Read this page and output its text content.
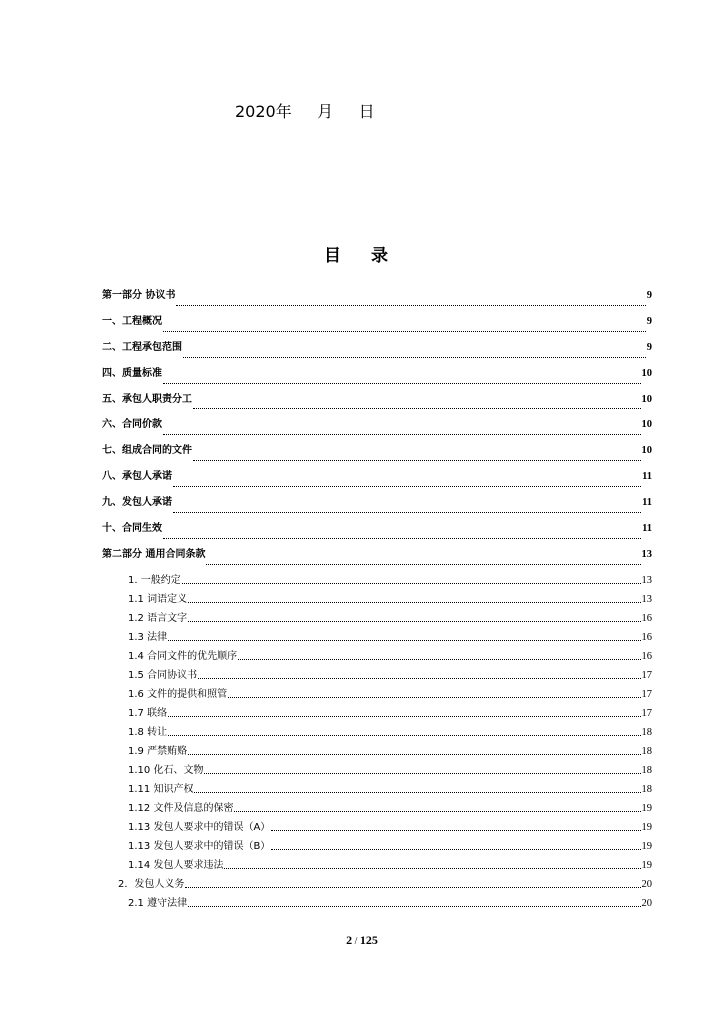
2020年     月     日
目 录
第一部分 协议书	9
一、工程概况	9
二、工程承包范围	9
四、质量标准	10
五、承包人职责分工	10
六、合同价款	10
七、组成合同的文件	10
八、承包人承诺	11
九、发包人承诺	11
十、合同生效	11
第二部分 通用合同条款	13
1. 一般约定	13
1.1 词语定义	13
1.2 语言文字	16
1.3 法律	16
1.4 合同文件的优先顺序	16
1.5 合同协议书	17
1.6 文件的提供和照管	17
1.7 联络	17
1.8 转让	18
1.9 严禁贿赂	18
1.10 化石、文物	18
1.11 知识产权	18
1.12 文件及信息的保密	19
1.13 发包人要求中的错误（A）	19
1.13 发包人要求中的错误（B）	19
1.14 发包人要求违法	19
2．发包人义务	20
2.1 遵守法律	20
2 / 125
